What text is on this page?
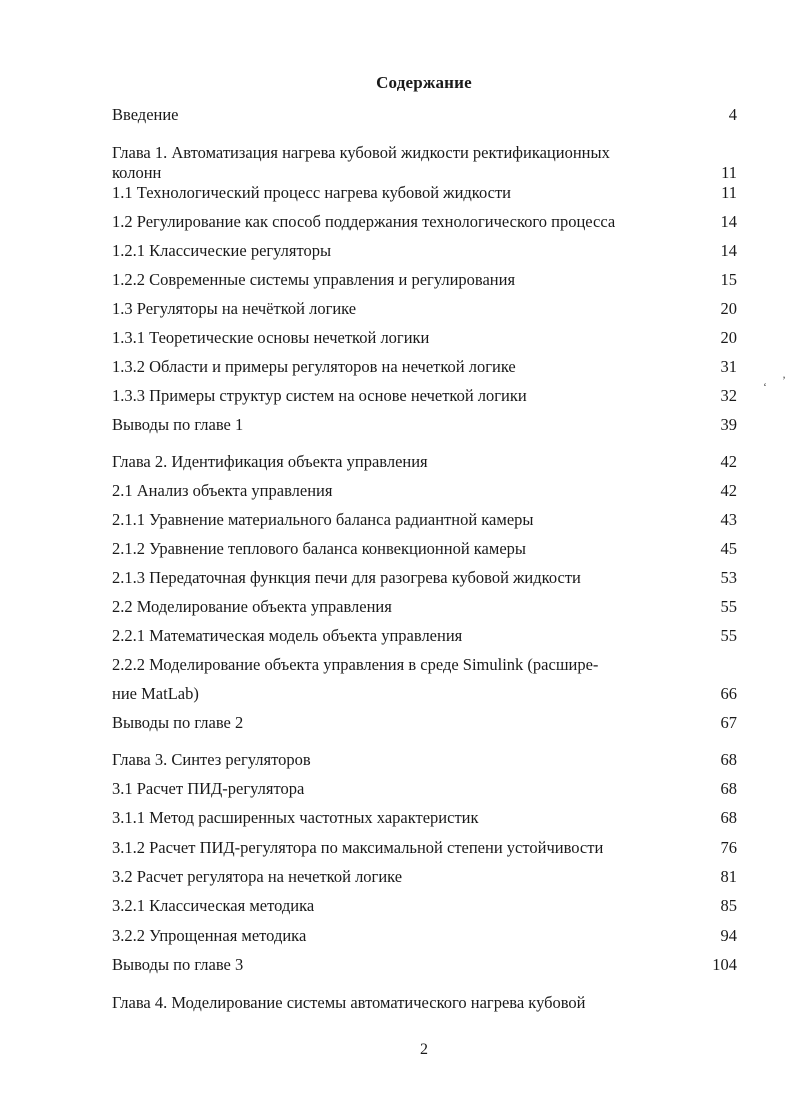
Содержание
Введение	4
Глава 1. Автоматизация нагрева кубовой жидкости ректификационных
колонн	11
1.1 Технологический процесс нагрева кубовой жидкости	11
1.2 Регулирование как способ поддержания технологического процесса	14
1.2.1 Классические регуляторы	14
1.2.2 Современные системы управления и регулирования	15
1.3 Регуляторы на нечёткой логике	20
1.3.1 Теоретические основы нечеткой логики	20
1.3.2 Области и примеры регуляторов на нечеткой логике	31
1.3.3 Примеры структур систем на основе нечеткой логики	32
Выводы по главе 1	39
Глава 2. Идентификация объекта управления	42
2.1 Анализ объекта управления	42
2.1.1 Уравнение материального баланса радиантной камеры	43
2.1.2 Уравнение теплового баланса конвекционной камеры	45
2.1.3 Передаточная функция печи для разогрева кубовой жидкости	53
2.2 Моделирование объекта управления	55
2.2.1 Математическая модель объекта управления	55
2.2.2 Моделирование объекта управления в среде Simulink (расшире-
ние MatLab)	66
Выводы по главе 2	67
Глава 3. Синтез регуляторов	68
3.1 Расчет ПИД-регулятора	68
3.1.1 Метод расширенных частотных характеристик	68
3.1.2 Расчет ПИД-регулятора по максимальной степени устойчивости	76
3.2 Расчет регулятора на нечеткой логике	81
3.2.1 Классическая методика	85
3.2.2 Упрощенная методика	94
Выводы по главе 3	104
Глава 4. Моделирование системы автоматического нагрева кубовой
‘ ’
2
